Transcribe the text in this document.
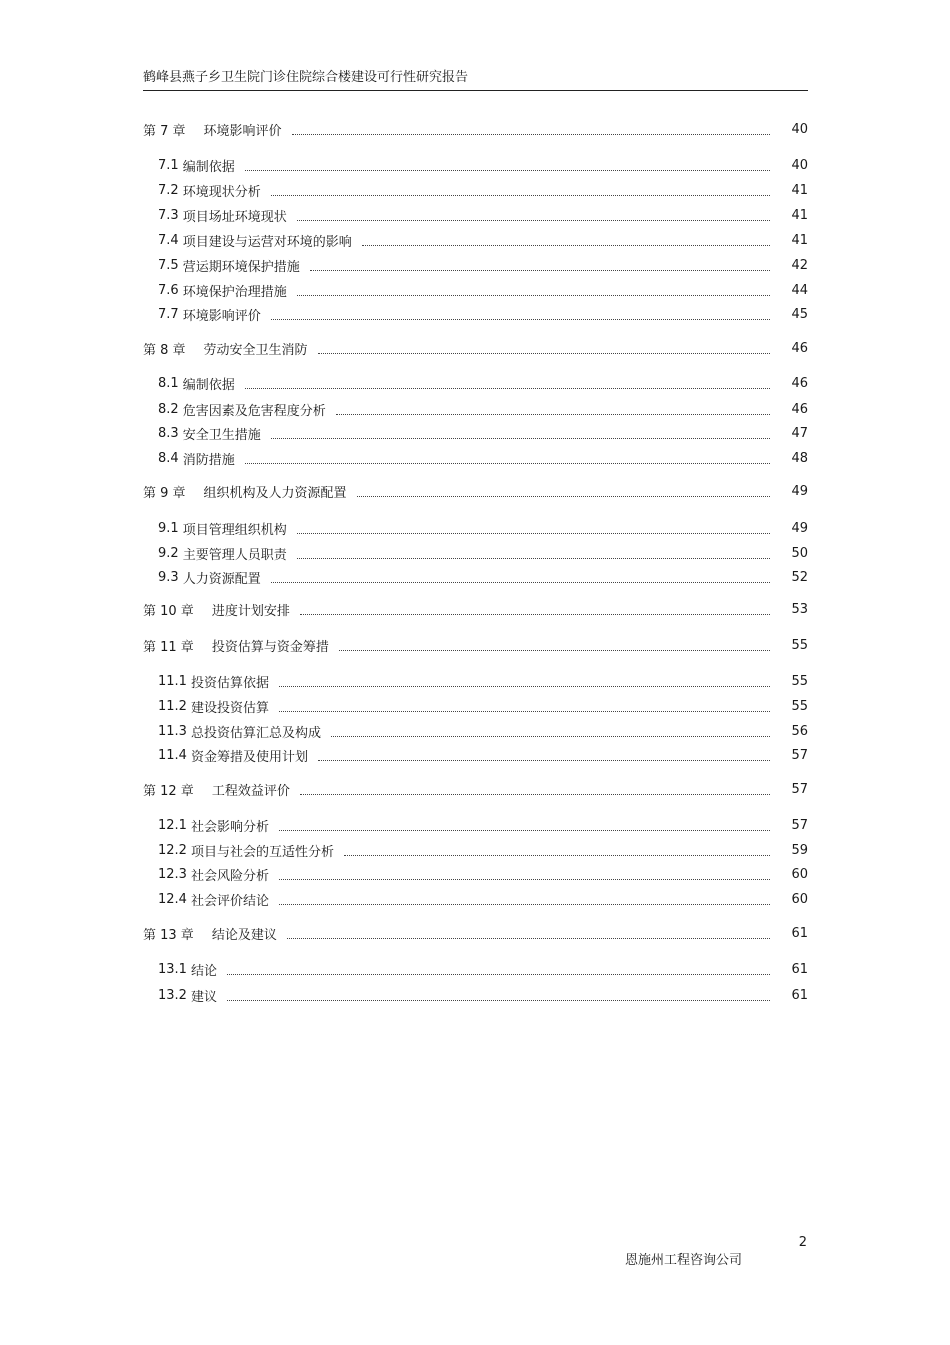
鹤峰县燕子乡卫生院门诊住院综合楼建设可行性研究报告
第 7 章 环境影响评价	40
7.1 编制依据	40
7.2 环境现状分析	41
7.3 项目场址环境现状	41
7.4 项目建设与运营对环境的影响	41
7.5 营运期环境保护措施	42
7.6 环境保护治理措施	44
7.7 环境影响评价	45
第 8 章 劳动安全卫生消防	46
8.1 编制依据	46
8.2 危害因素及危害程度分析	46
8.3 安全卫生措施	47
8.4 消防措施	48
第 9 章 组织机构及人力资源配置	49
9.1 项目管理组织机构	49
9.2 主要管理人员职责	50
9.3 人力资源配置	52
第 10 章 进度计划安排	53
第 11 章 投资估算与资金筹措	55
11.1 投资估算依据	55
11.2 建设投资估算	55
11.3 总投资估算汇总及构成	56
11.4 资金筹措及使用计划	57
第 12 章 工程效益评价	57
12.1 社会影响分析	57
12.2 项目与社会的互适性分析	59
12.3 社会风险分析	60
12.4 社会评价结论	60
第 13 章 结论及建议	61
13.1 结论	61
13.2 建议	61
2
恩施州工程咨询公司
